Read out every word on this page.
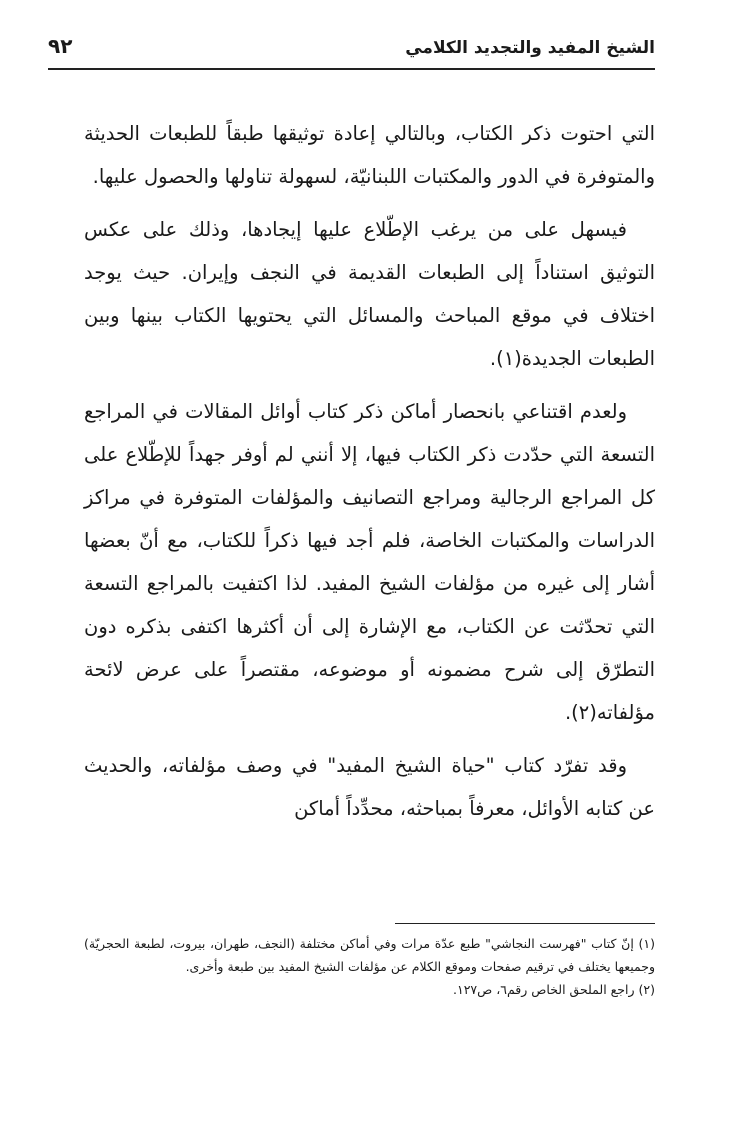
الشيخ المفيد والتجديد الكلامي
٩٢

التي احتوت ذكر الكتاب، وبالتالي إعادة توثيقها طبقاً للطبعات الحديثة والمتوفرة في الدور والمكتبات اللبنانيّة، لسهولة تناولها والحصول عليها.

فيسهل على من يرغب الإطّلاع عليها إيجادها، وذلك على عكس التوثيق استناداً إلى الطبعات القديمة في النجف وإيران. حيث يوجد اختلاف في موقع المباحث والمسائل التي يحتويها الكتاب بينها وبين الطبعات الجديدة(١).

ولعدم اقتناعي بانحصار أماكن ذكر كتاب أوائل المقالات في المراجع التسعة التي حدّدت ذكر الكتاب فيها، إلا أنني لم أوفر جهداً للإطّلاع على كل المراجع الرجالية ومراجع التصانيف والمؤلفات المتوفرة في مراكز الدراسات والمكتبات الخاصة، فلم أجد فيها ذكراً للكتاب، مع أنّ بعضها أشار إلى غيره من مؤلفات الشيخ المفيد. لذا اكتفيت بالمراجع التسعة التي تحدّثت عن الكتاب، مع الإشارة إلى أن أكثرها اكتفى بذكره دون التطرّق إلى شرح مضمونه أو موضوعه، مقتصراً على عرض لائحة مؤلفاته(٢).

وقد تفرّد كتاب "حياة الشيخ المفيد" في وصف مؤلفاته، والحديث عن كتابه الأوائل، معرفاً بمباحثه، محدِّداً أماكن

(١) إنّ كتاب "فهرست النجاشي" طبع عدّة مرات وفي أماكن مختلفة (النجف، طهران، بيروت، لطبعة الحجريّة) وجميعها يختلف في ترقيم صفحات وموقع الكلام عن مؤلفات الشيخ المفيد بين طبعة وأخرى.

(٢) راجع الملحق الخاص رقم٦، ص١٢٧.
